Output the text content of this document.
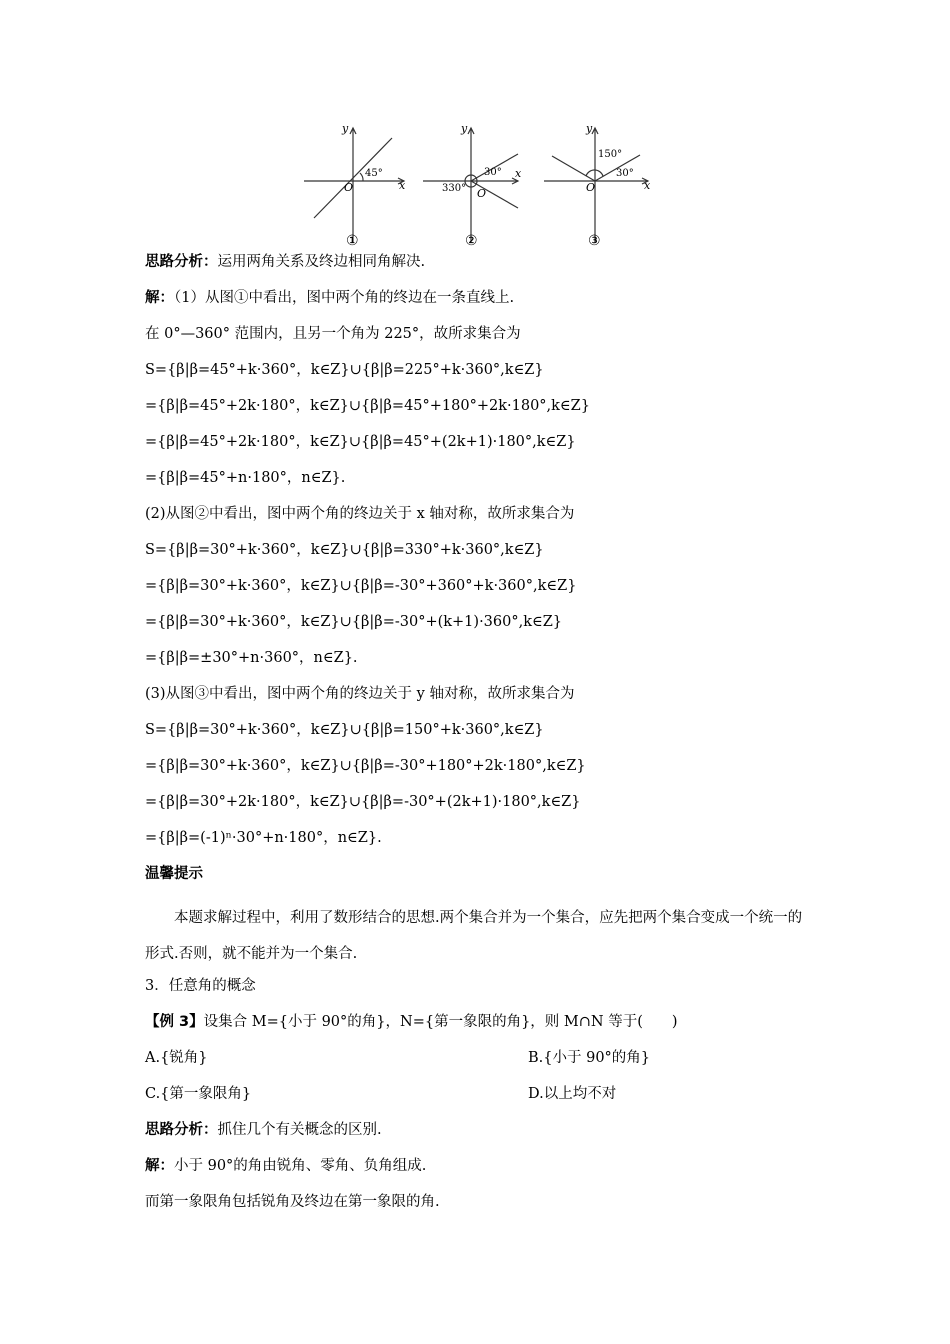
y
x
O
45°
①
y
x
O
30°
330°
②
y
x
O
150°
30°
③
思路分析：运用两角关系及终边相同角解决.
解：（1）从图①中看出，图中两个角的终边在一条直线上.
在 0°—360° 范围内，且另一个角为 225°，故所求集合为
S={β|β=45°+k·360°，k∈Z}∪{β|β=225°+k·360°,k∈Z}
={β|β=45°+2k·180°，k∈Z}∪{β|β=45°+180°+2k·180°,k∈Z}
={β|β=45°+2k·180°，k∈Z}∪{β|β=45°+(2k+1)·180°,k∈Z}
={β|β=45°+n·180°，n∈Z}.
(2)从图②中看出，图中两个角的终边关于 x 轴对称，故所求集合为
S={β|β=30°+k·360°，k∈Z}∪{β|β=330°+k·360°,k∈Z}
={β|β=30°+k·360°，k∈Z}∪{β|β=-30°+360°+k·360°,k∈Z}
={β|β=30°+k·360°，k∈Z}∪{β|β=-30°+(k+1)·360°,k∈Z}
={β|β=±30°+n·360°，n∈Z}.
(3)从图③中看出，图中两个角的终边关于 y 轴对称，故所求集合为
S={β|β=30°+k·360°，k∈Z}∪{β|β=150°+k·360°,k∈Z}
={β|β=30°+k·360°，k∈Z}∪{β|β=-30°+180°+2k·180°,k∈Z}
={β|β=30°+2k·180°，k∈Z}∪{β|β=-30°+(2k+1)·180°,k∈Z}
={β|β=(-1)ⁿ·30°+n·180°，n∈Z}.
温馨提示
本题求解过程中，利用了数形结合的思想.两个集合并为一个集合，应先把两个集合变成一个统一的形式.否则，就不能并为一个集合.
3．任意角的概念
【例 3】设集合 M={小于 90°的角}，N={第一象限的角}，则 M∩N 等于(　　)
A.{锐角}	B.{小于 90°的角}
C.{第一象限角}	D.以上均不对
思路分析：抓住几个有关概念的区别.
解：小于 90°的角由锐角、零角、负角组成.
而第一象限角包括锐角及终边在第一象限的角.
